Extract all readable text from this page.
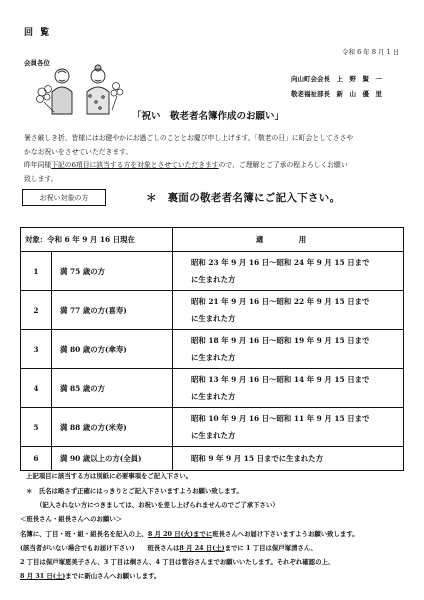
回 覧
令和 6 年 8 月 1 日
会員各位
向山町会会長　上　野　賢　一
敬老福祉部長　新　山　優　里
「祝い　敬老者名簿作成のお願い」
暑さ厳しき折、皆様にはお健やかにお過ごしのこととお慶び申し上げます。「敬老の日」に町会としてささや
かなお祝いをさせていただきます。
昨年同様下記の6項目に該当する方を対象とさせていただきますので、ご理解とご了承の程よろしくお願い
致します。
お祝い対象の方	＊　裏面の敬老者名簿にご記入下さい。
対象：令和 6 年 9 月 16 日現在		適　用
1	満 75 歳の方	昭和 23 年 9 月 16 日～昭和 24 年 9 月 15 日まで
に生まれた方

2	満 77 歳の方(喜寿)	昭和 21 年 9 月 16 日～昭和 22 年 9 月 15 日まで
に生まれた方

3	満 80 歳の方(傘寿)	昭和 18 年 9 月 16 日～昭和 19 年 9 月 15 日まで
に生まれた方

4	満 85 歳の方	昭和 13 年 9 月 16 日～昭和 14 年 9 月 15 日まで
に生まれた方

5	満 88 歳の方(米寿)	昭和 10 年 9 月 16 日～昭和 11 年 9 月 15 日まで
に生まれた方

6	満 90 歳以上の方(全員)	昭和 9 年 9 月 15 日までに生まれた方
上記項目に該当する方は別紙に必要事項をご記入下さい。
＊　氏名は略さず正確にはっきりとご記入下さいますようお願い致します。
（記入されない方につきましては、お祝いを差し上げられませんのでご了承下さい）
＜班長さん・組長さんへのお願い＞
名簿に、丁目・班・組・組長名を記入の上、8 月 20 日(火)までに班長さんへお届け下さいますようお願い致します。
(該当者がいない場合でもお届け下さい)　　班長さんは8 月 24 日(土)までに 1 丁目は保戸塚清さん、
2 丁目は保戸塚恵美子さん、3 丁目は桐さん、4 丁目は菅谷さんまでお願いいたします。それぞれ確認の上、
8 月 31 日(土)までに新山さんへお願いします。
